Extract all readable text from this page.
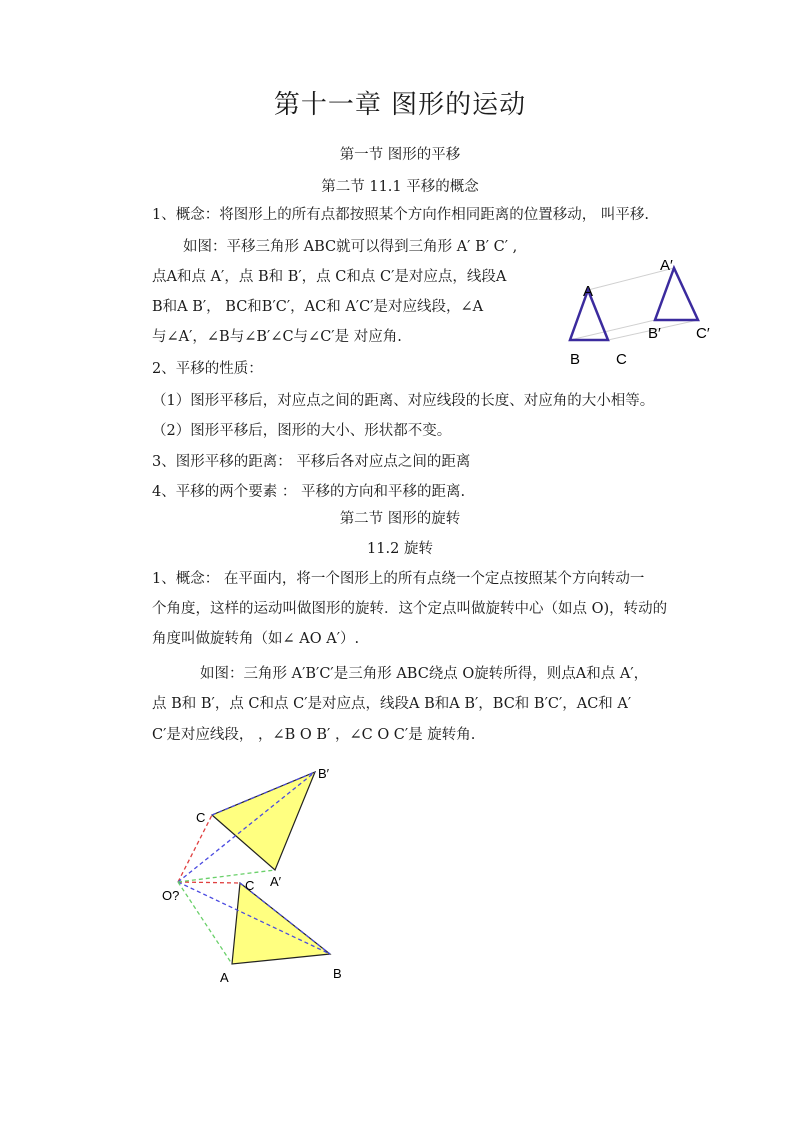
第十一章 图形的运动
第一节 图形的平移
第二节 11.1 平移的概念
1、概念：将图形上的所有点都按照某个方向作相同距离的位置移动， 叫平移.
如图：平移三角形 ABC就可以得到三角形 A′ B′ C′ ,
点A和点 A′，点 B和 B′，点 C和点 C′是对应点，线段A
B和A B′， BC和B′C′，AC和 A′C′是对应线段，∠A
与∠A′，∠B与∠B′∠C与∠C′是 对应角.
A
B C
A′
B′ C′
2、平移的性质：
（1）图形平移后，对应点之间的距离、对应线段的长度、对应角的大小相等。
（2）图形平移后，图形的大小、形状都不变。
3、图形平移的距离： 平移后各对应点之间的距离
4、平移的两个要素 ： 平移的方向和平移的距离.
第二节 图形的旋转
11.2 旋转
1、概念： 在平面内，将一个图形上的所有点绕一个定点按照某个方向转动一
个角度，这样的运动叫做图形的旋转．这个定点叫做旋转中心（如点 O)，转动的
角度叫做旋转角（如∠ AO A′）.
如图：三角形 A′B′C′是三角形 ABC绕点 O旋转所得，则点A和点 A′，
点 B和 B′，点 C和点 C′是对应点，线段A B和A B′，BC和 B′C′，AC和 A′
C′是对应线段， ，∠B O B′ ，∠C O C′是 旋转角.
O?
C
B′
A′
C
A	B
